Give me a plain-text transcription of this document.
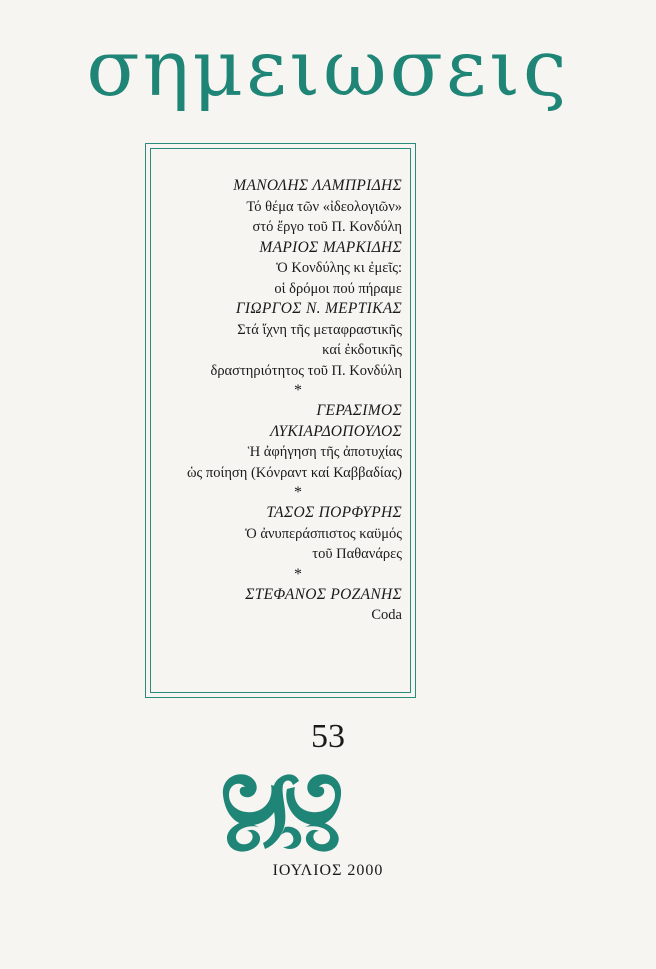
σημειωσεις
ΜΑΝΟΛΗΣ ΛΑΜΠΡΙΔΗΣ
Τό θέμα τῶν «ἰδεολογιῶν»
στό ἔργο τοῦ Π. Κονδύλη
ΜΑΡΙΟΣ ΜΑΡΚΙΔΗΣ
Ὁ Κονδύλης κι ἐμεῖς:
οἱ δρόμοι πού πήραμε
ΓΙΩΡΓΟΣ Ν. ΜΕΡΤΙΚΑΣ
Στά ἴχνη τῆς μεταφραστικῆς
καί ἐκδοτικῆς
δραστηριότητος τοῦ Π. Κονδύλη
*
ΓΕΡΑΣΙΜΟΣ
ΛΥΚΙΑΡΔΟΠΟΥΛΟΣ
Ἡ ἀφήγηση τῆς ἀποτυχίας
ὡς ποίηση (Κόνραντ καί Καββαδίας)
*
ΤΑΣΟΣ ΠΟΡΦΥΡΗΣ
Ὁ ἀνυπεράσπιστος καϋμός
τοῦ Παθανάρες
*
ΣΤΕΦΑΝΟΣ ΡΟΖΑΝΗΣ
Coda
53
ΙΟΥΛΙΟΣ 2000
